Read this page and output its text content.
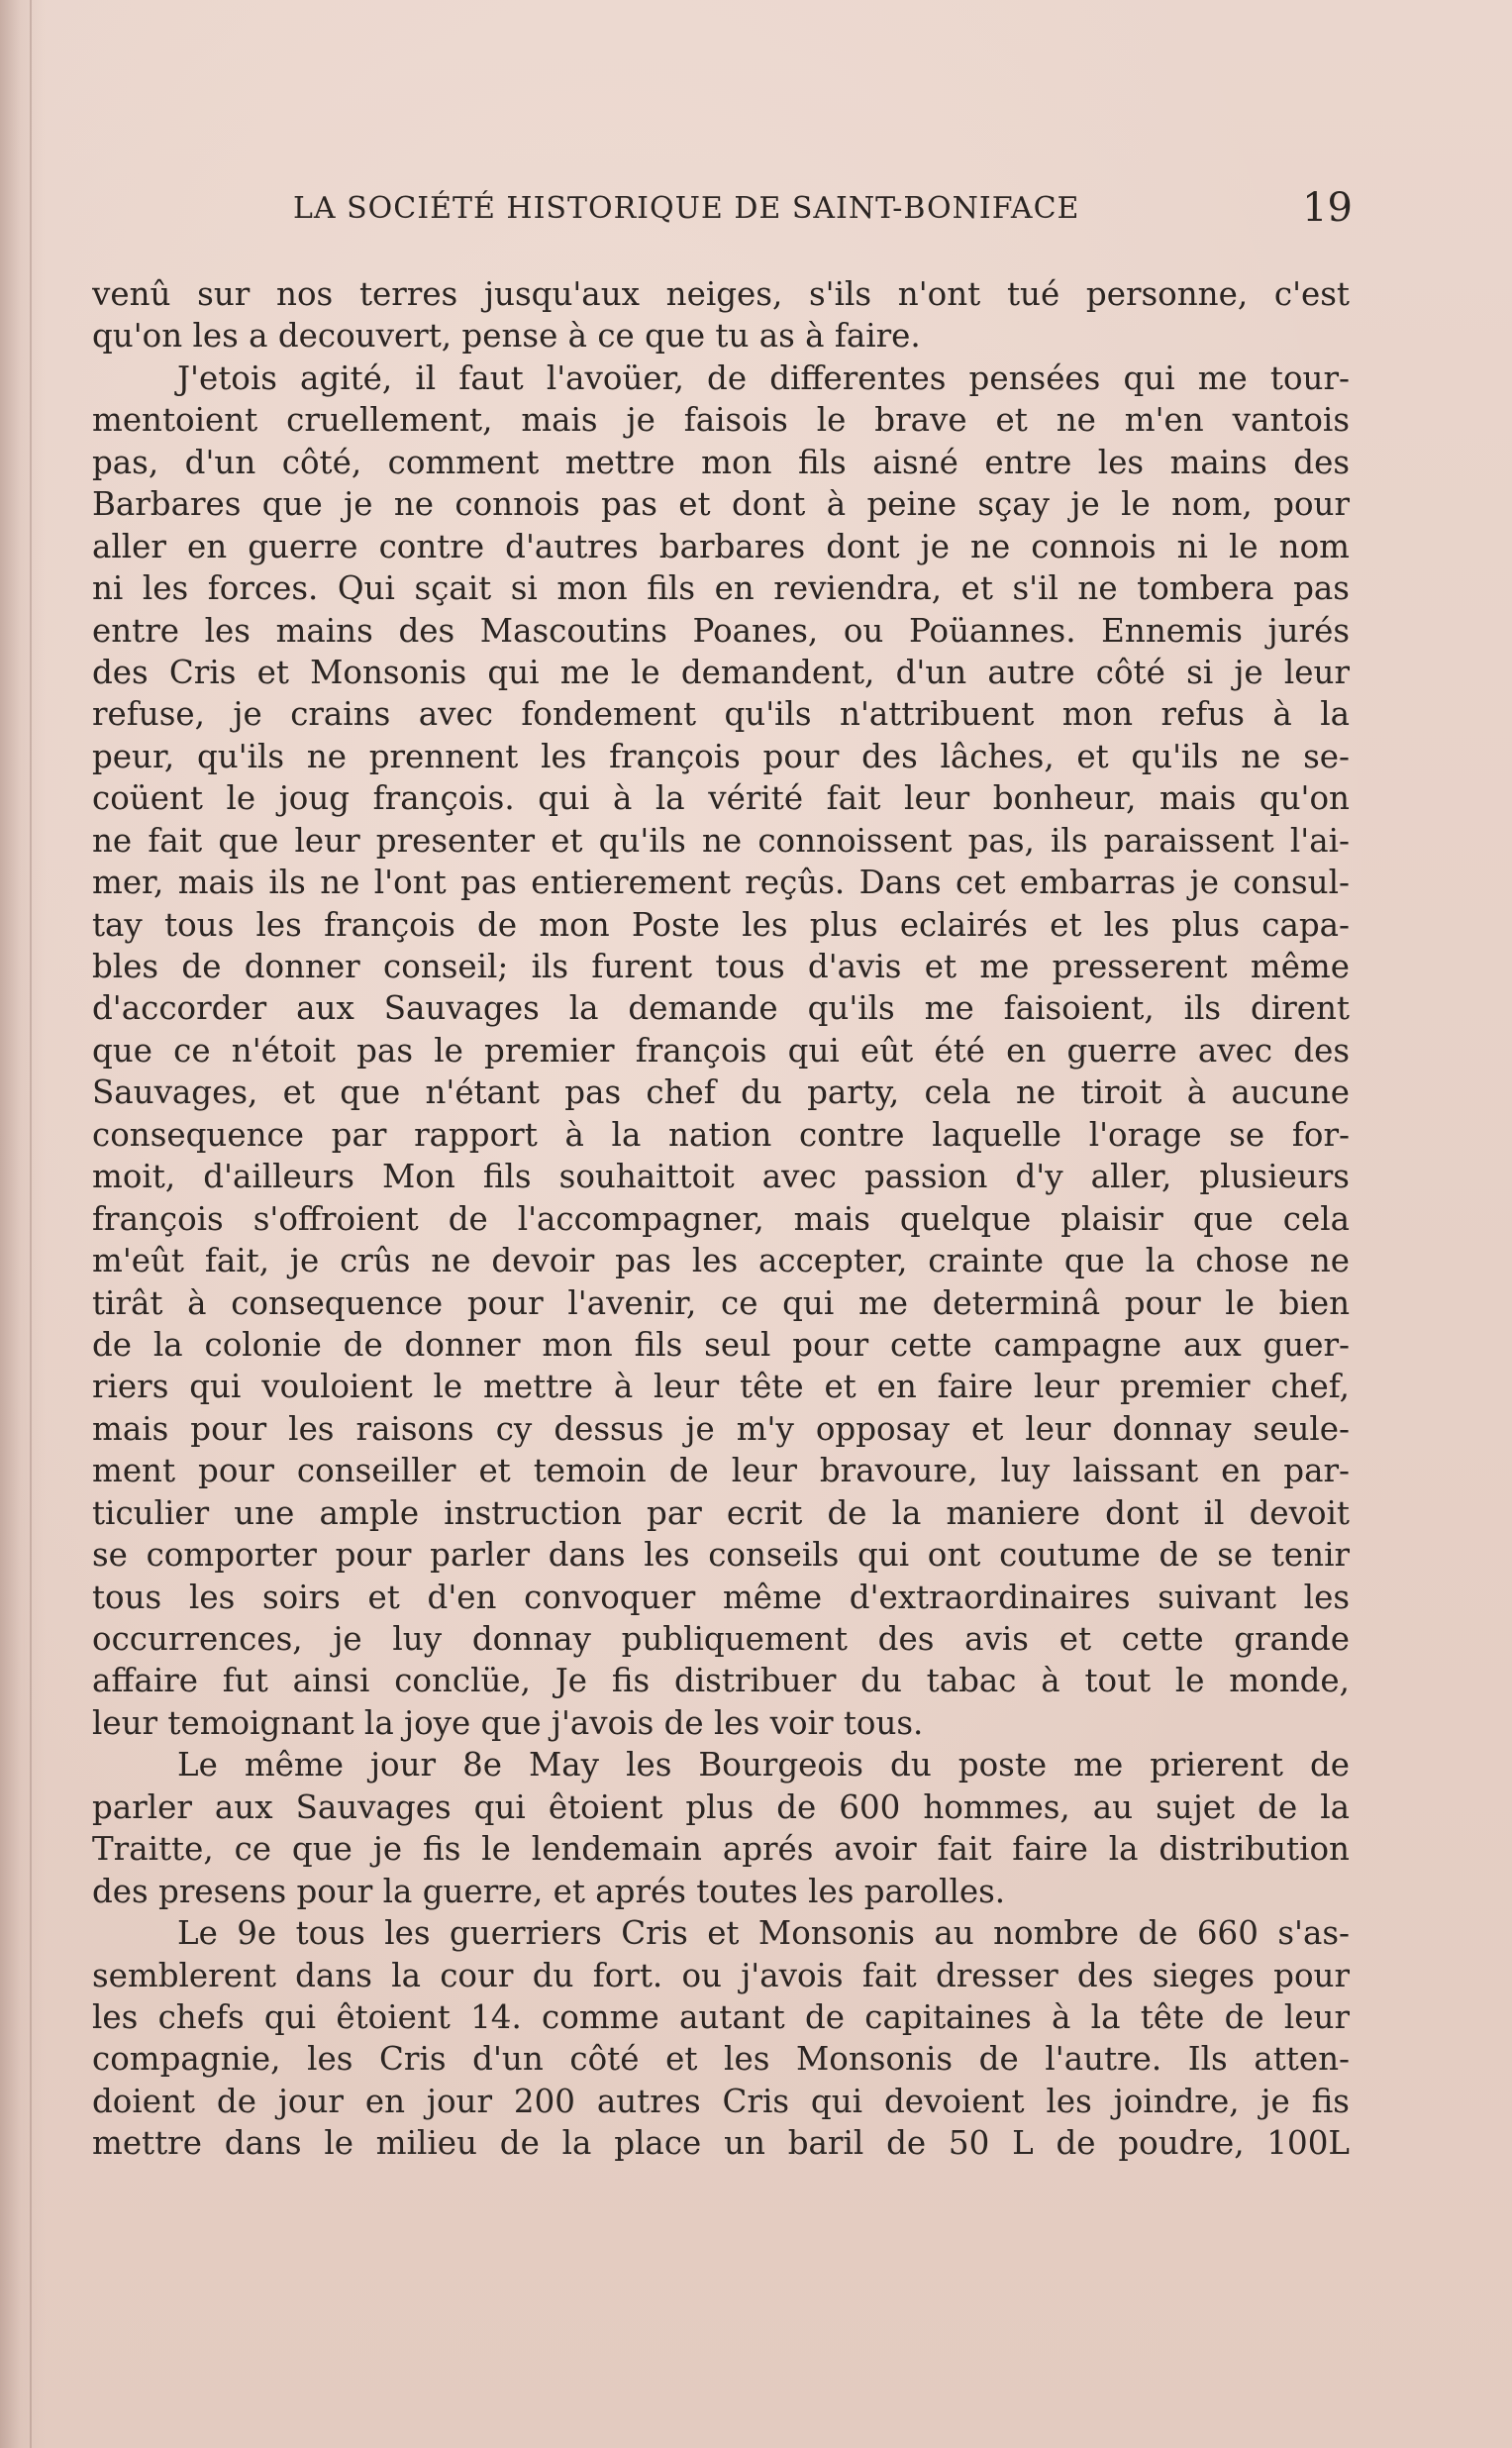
LA SOCIÉTÉ HISTORIQUE DE SAINT-BONIFACE	19
venû sur nos terres jusqu'aux neiges, s'ils n'ont tué personne, c'est
qu'on les a decouvert, pense à ce que tu as à faire.
J'etois agité, il faut l'avoüer, de differentes pensées qui me tour-
mentoient cruellement, mais je faisois le brave et ne m'en vantois
pas, d'un côté, comment mettre mon fils aisné entre les mains des
Barbares que je ne connois pas et dont à peine sçay je le nom, pour
aller en guerre contre d'autres barbares dont je ne connois ni le nom
ni les forces. Qui sçait si mon fils en reviendra, et s'il ne tombera pas
entre les mains des Mascoutins Poanes, ou Poüannes. Ennemis jurés
des Cris et Monsonis qui me le demandent, d'un autre côté si je leur
refuse, je crains avec fondement qu'ils n'attribuent mon refus à la
peur, qu'ils ne prennent les françois pour des lâches, et qu'ils ne se-
coüent le joug françois. qui à la vérité fait leur bonheur, mais qu'on
ne fait que leur presenter et qu'ils ne connoissent pas, ils paraissent l'ai-
mer, mais ils ne l'ont pas entierement reçûs. Dans cet embarras je consul-
tay tous les françois de mon Poste les plus eclairés et les plus capa-
bles de donner conseil; ils furent tous d'avis et me presserent même
d'accorder aux Sauvages la demande qu'ils me faisoient, ils dirent
que ce n'étoit pas le premier françois qui eût été en guerre avec des
Sauvages, et que n'étant pas chef du party, cela ne tiroit à aucune
consequence par rapport à la nation contre laquelle l'orage se for-
moit, d'ailleurs Mon fils souhaittoit avec passion d'y aller, plusieurs
françois s'offroient de l'accompagner, mais quelque plaisir que cela
m'eût fait, je crûs ne devoir pas les accepter, crainte que la chose ne
tirât à consequence pour l'avenir, ce qui me determinâ pour le bien
de la colonie de donner mon fils seul pour cette campagne aux guer-
riers qui vouloient le mettre à leur tête et en faire leur premier chef,
mais pour les raisons cy dessus je m'y opposay et leur donnay seule-
ment pour conseiller et temoin de leur bravoure, luy laissant en par-
ticulier une ample instruction par ecrit de la maniere dont il devoit
se comporter pour parler dans les conseils qui ont coutume de se tenir
tous les soirs et d'en convoquer même d'extraordinaires suivant les
occurrences, je luy donnay publiquement des avis et cette grande
affaire fut ainsi conclüe, Je fis distribuer du tabac à tout le monde,
leur temoignant la joye que j'avois de les voir tous.
Le même jour 8e May les Bourgeois du poste me prierent de
parler aux Sauvages qui êtoient plus de 600 hommes, au sujet de la
Traitte, ce que je fis le lendemain aprés avoir fait faire la distribution
des presens pour la guerre, et aprés toutes les parolles.
Le 9e tous les guerriers Cris et Monsonis au nombre de 660 s'as-
semblerent dans la cour du fort. ou j'avois fait dresser des sieges pour
les chefs qui êtoient 14. comme autant de capitaines à la tête de leur
compagnie, les Cris d'un côté et les Monsonis de l'autre. Ils atten-
doient de jour en jour 200 autres Cris qui devoient les joindre, je fis
mettre dans le milieu de la place un baril de 50 L de poudre, 100L
